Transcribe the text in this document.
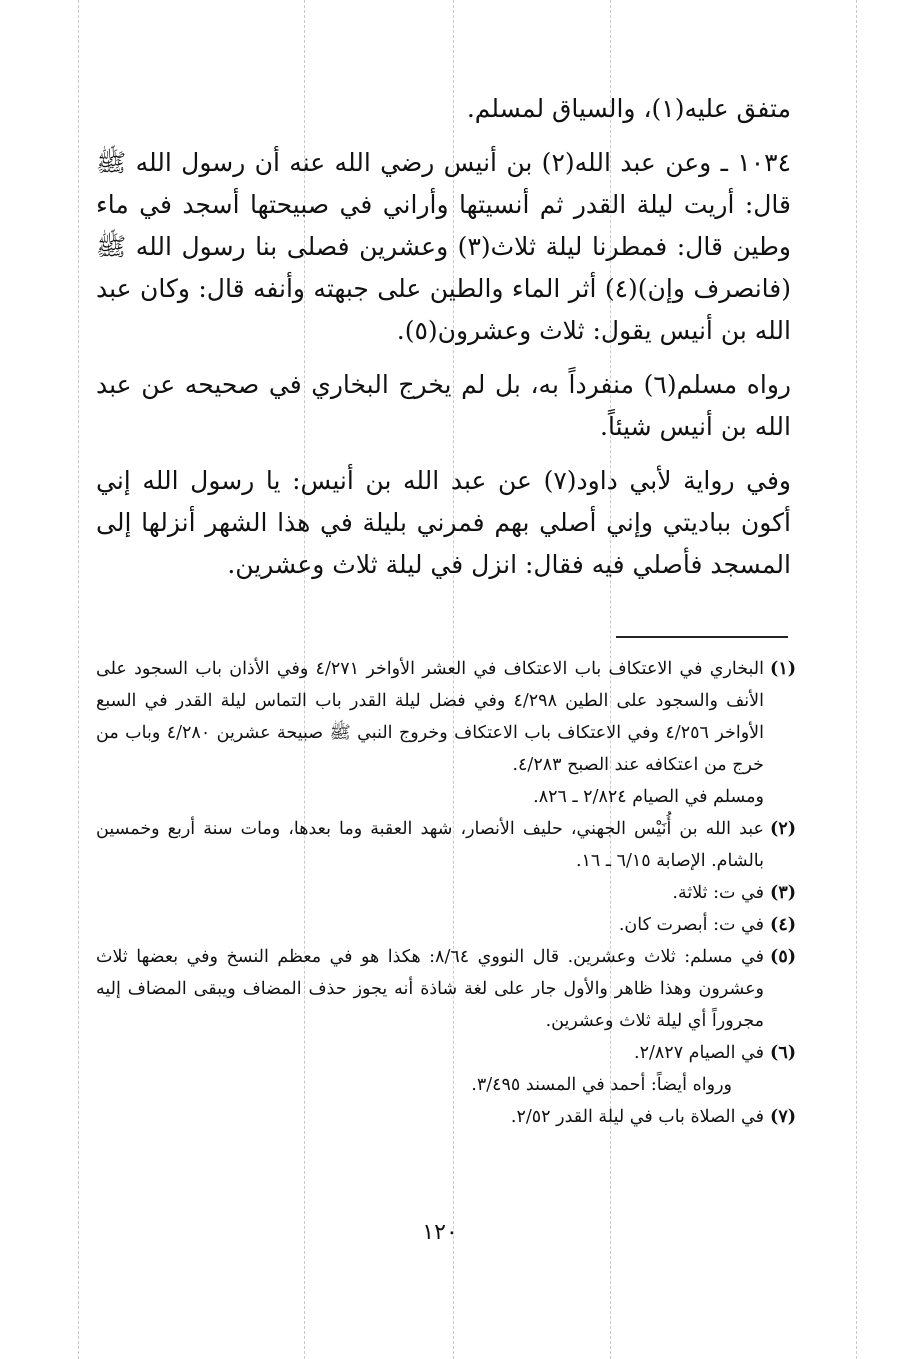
متفق عليه(١)، والسياق لمسلم.

١٠٣٤ ـ وعن عبد الله(٢) بن أنيس رضي الله عنه أن رسول الله ﷺ قال: أريت ليلة القدر ثم أنسيتها وأراني في صبيحتها أسجد في ماء وطين قال: فمطرنا ليلة ثلاث(٣) وعشرين فصلى بنا رسول الله ﷺ (فانصرف وإن)(٤) أثر الماء والطين على جبهته وأنفه قال: وكان عبد الله بن أنيس يقول: ثلاث وعشرون(٥).

رواه مسلم(٦) منفرداً به، بل لم يخرج البخاري في صحيحه عن عبد الله بن أنيس شيئاً.

وفي رواية لأبي داود(٧) عن عبد الله بن أنيس: يا رسول الله إني أكون بباديتي وإني أصلي بهم فمرني بليلة في هذا الشهر أنزلها إلى المسجد فأصلي فيه فقال: انزل في ليلة ثلاث وعشرين.

(١)
البخاري في الاعتكاف باب الاعتكاف في العشر الأواخر ٤/٢٧١ وفي الأذان باب السجود على الأنف والسجود على الطين ٤/٢٩٨ وفي فضل ليلة القدر باب التماس ليلة القدر في السبع الأواخر ٤/٢٥٦ وفي الاعتكاف باب الاعتكاف وخروج النبي ﷺ صبيحة عشرين ٤/٢٨٠ وباب من خرج من اعتكافه عند الصبح ٤/٢٨٣.
ومسلم في الصيام ٢/٨٢٤ ـ ٨٢٦.
(٢)
عبد الله بن أُنَيْس الجهني، حليف الأنصار، شهد العقبة وما بعدها، ومات سنة أربع وخمسين بالشام. الإصابة ٦/١٥ ـ ١٦.
(٣)
في ت: ثلاثة.
(٤)
في ت: أبصرت كان.
(٥)
في مسلم: ثلاث وعشرين. قال النووي ٨/٦٤: هكذا هو في معظم النسخ وفي بعضها ثلاث وعشرون وهذا ظاهر والأول جار على لغة شاذة أنه يجوز حذف المضاف ويبقى المضاف إليه مجروراً أي ليلة ثلاث وعشرين.
(٦)
في الصيام ٢/٨٢٧.
ورواه أيضاً: أحمد في المسند ٣/٤٩٥.
(٧)
في الصلاة باب في ليلة القدر ٢/٥٢.
١٢٠
